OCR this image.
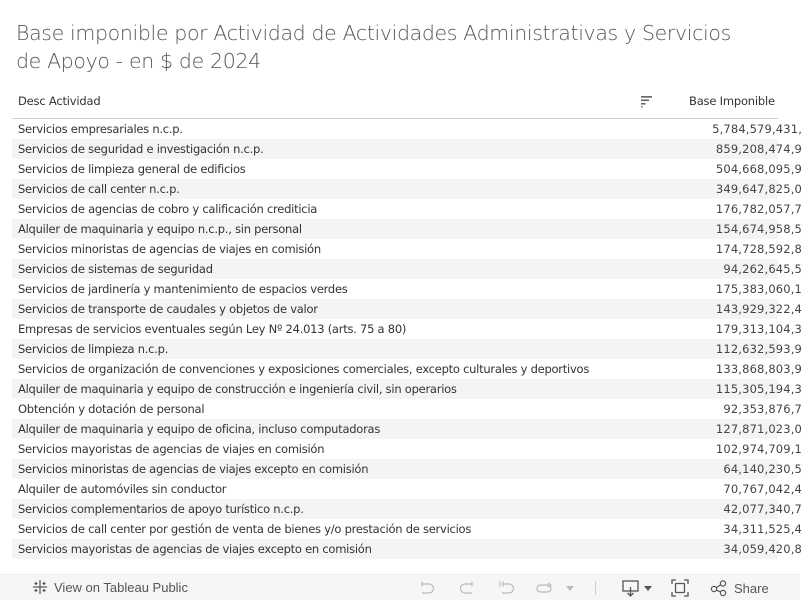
Base imponible por Actividad de Actividades Administrativas y Servicios de Apoyo - en $ de 2024
Desc Actividad	Base Imponible
Servicios empresariales n.c.p.	5,784,579,431,
Servicios de seguridad e investigación n.c.p.	859,208,474,9
Servicios de limpieza general de edificios	504,668,095,9
Servicios de call center n.c.p.	349,647,825,0
Servicios de agencias de cobro y calificación crediticia	176,782,057,7
Alquiler de maquinaria y equipo n.c.p., sin personal	154,674,958,5
Servicios minoristas de agencias de viajes en comisión	174,728,592,8
Servicios de sistemas de seguridad	94,262,645,5
Servicios de jardinería y mantenimiento de espacios verdes	175,383,060,1
Servicios de transporte de caudales y objetos de valor	143,929,322,4
Empresas de servicios eventuales según Ley Nº 24.013 (arts. 75 a 80)	179,313,104,3
Servicios de limpieza n.c.p.	112,632,593,9
Servicios de organización de convenciones y exposiciones comerciales, excepto culturales y deportivos	133,868,803,9
Alquiler de maquinaria y equipo de construcción e ingeniería civil, sin operarios	115,305,194,3
Obtención y dotación de personal	92,353,876,7
Alquiler de maquinaria y equipo de oficina, incluso computadoras	127,871,023,0
Servicios mayoristas de agencias de viajes en comisión	102,974,709,1
Servicios minoristas de agencias de viajes excepto en comisión	64,140,230,5
Alquiler de automóviles sin conductor	70,767,042,4
Servicios complementarios de apoyo turístico n.c.p.	42,077,340,7
Servicios de call center por gestión de venta de bienes y/o prestación de servicios	34,311,525,4
Servicios mayoristas de agencias de viajes excepto en comisión	34,059,420,8
View on Tableau Public	Share
